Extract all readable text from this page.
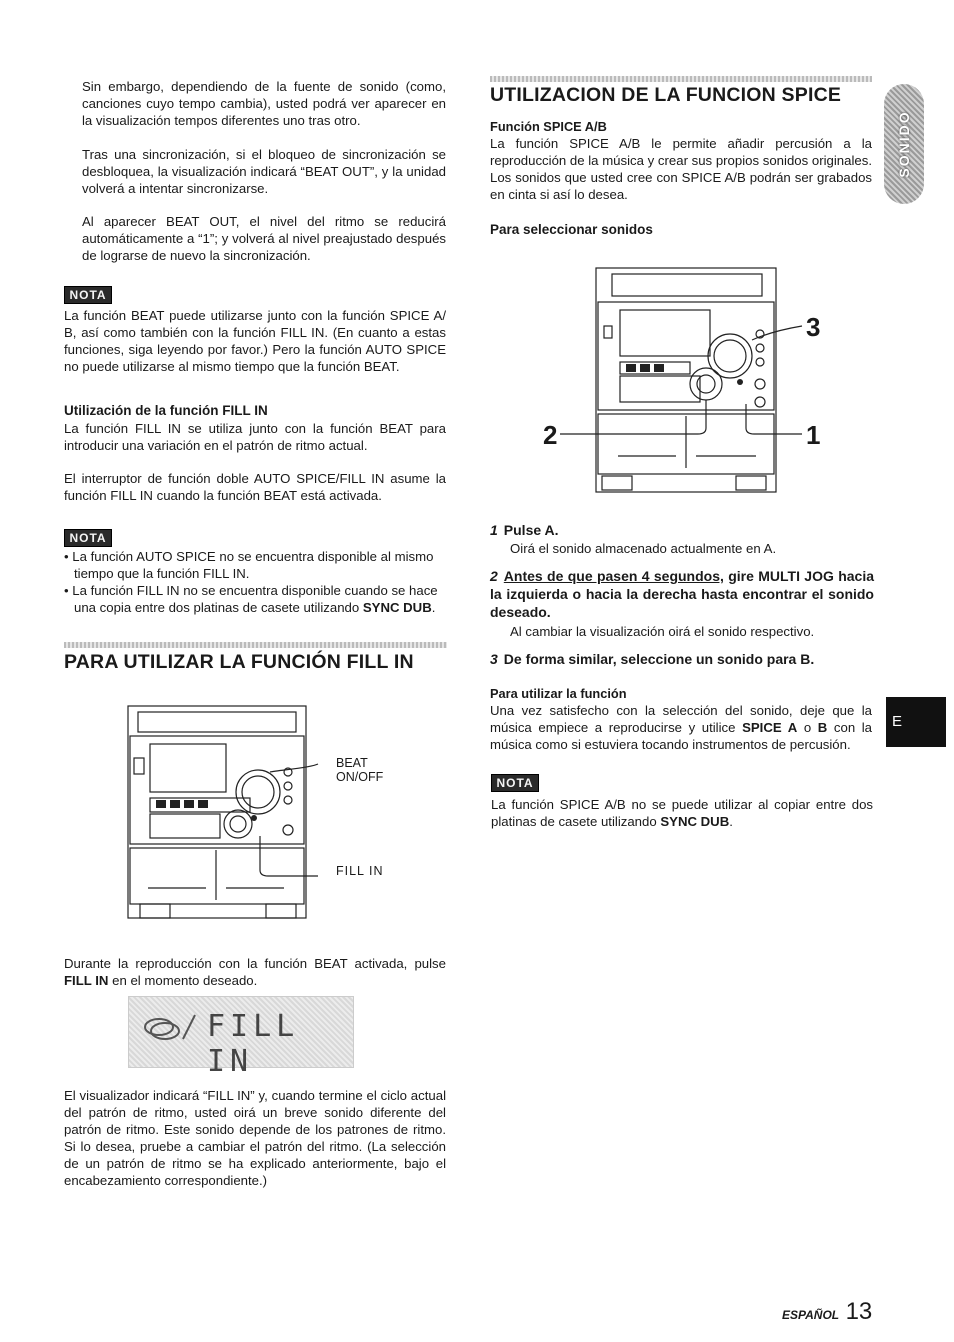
Sin embargo, dependiendo de la fuente de sonido (como, canciones cuyo tempo cambia), usted podrá ver aparecer en la visualización tempos diferentes uno tras otro.

Tras una sincronización, si el bloqueo de sincronización se desbloquea, la visualización indicará “BEAT OUT”, y la unidad volverá a intentar sincronizarse.

Al aparecer BEAT OUT, el nivel del ritmo se reducirá automáticamente a “1”; y volverá al nivel preajustado después de lograrse de nuevo la sincronización.

NOTA

La función BEAT puede utilizarse junto con la función SPICE A/ B, así como también con la función FILL IN. (En cuanto a estas funciones, siga leyendo por favor.) Pero la función AUTO SPICE no puede utilizarse al mismo tiempo que la función BEAT.

Utilización de la función FILL IN

La función FILL IN se utiliza junto con la función BEAT para introducir una variación en el patrón de ritmo actual.

El interruptor de función doble AUTO SPICE/FILL IN asume la función FILL IN cuando la función BEAT está activada.

NOTA
• La función AUTO SPICE no se encuentra disponible al mismo tiempo que la función FILL IN.
• La función FILL IN no se encuentra disponible cuando se hace una copia entre dos platinas de casete utilizando SYNC DUB.
PARA UTILIZAR LA FUNCIÓN FILL IN
BEAT
ON/OFF
FILL IN

Durante la reproducción con la función BEAT activada, pulse FILL IN en el momento deseado.

FILL IN

El visualizador indicará “FILL IN” y, cuando termine el ciclo actual del patrón de ritmo, usted oirá un breve sonido diferente del patrón de ritmo. Este sonido depende de los patrones de ritmo. Si lo desea, pruebe a cambiar el patrón del ritmo. (La selección de un patrón de ritmo se ha explicado anteriormente, bajo el encabezamiento correspondiente.)

UTILIZACION DE LA FUNCION SPICE

Función SPICE A/B

La función SPICE A/B le permite añadir percusión a la reproducción de la música y crear sus propios sonidos originales. Los sonidos que usted cree con SPICE A/B podrán ser grabados en cinta si así lo desea.

Para seleccionar sonidos

3
2	1

1 Pulse A.

Oirá el sonido almacenado actualmente en A.

2 Antes de que pasen 4 segundos, gire MULTI JOG hacia la izquierda o hacia la derecha hasta encontrar el sonido deseado.

Al cambiar la visualización oirá el sonido respectivo.

3 De forma similar, seleccione un sonido para B.

Para utilizar la función

Una vez satisfecho con la selección del sonido, deje que la música empiece a reproducirse y utilice SPICE A o B con la música como si estuviera tocando instrumentos de percusión.

NOTA

La función SPICE A/B no se puede utilizar al copiar entre dos platinas de casete utilizando SYNC DUB.

SONIDO
E
ESPAÑOL 13
